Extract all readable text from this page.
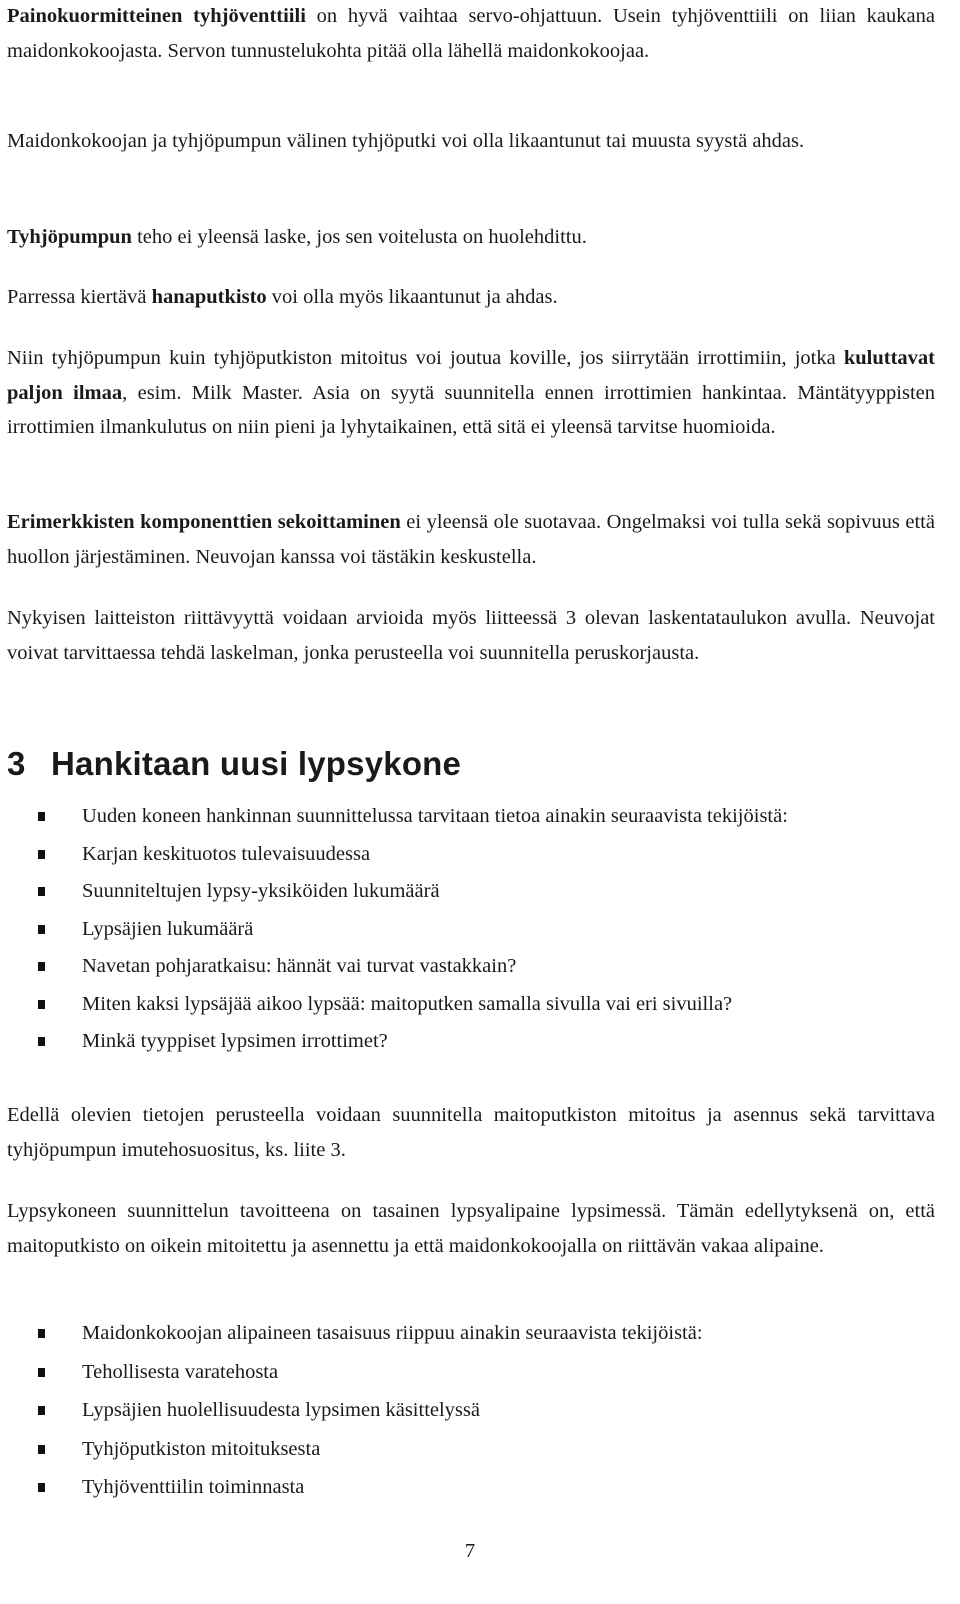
Painokuormitteinen tyhjöventtiili on hyvä vaihtaa servo-ohjattuun. Usein tyhjöventtiili on liian kaukana maidonkokoojasta. Servon tunnustelukohta pitää olla lähellä maidonkokoojaa.

Maidonkokoojan ja tyhjöpumpun välinen tyhjöputki voi olla likaantunut tai muusta syystä ahdas.

Tyhjöpumpun teho ei yleensä laske, jos sen voitelusta on huolehdittu.

Parressa kiertävä hanaputkisto voi olla myös likaantunut ja ahdas.

Niin tyhjöpumpun kuin tyhjöputkiston mitoitus voi joutua koville, jos siirrytään irrottimiin, jotka kuluttavat paljon ilmaa, esim. Milk Master. Asia on syytä suunnitella ennen irrottimien hankintaa. Mäntätyyppisten irrottimien ilmankulutus on niin pieni ja lyhytaikainen, että sitä ei yleensä tarvitse huomioida.

Erimerkkisten komponenttien sekoittaminen ei yleensä ole suotavaa. Ongelmaksi voi tulla sekä sopivuus että huollon järjestäminen. Neuvojan kanssa voi tästäkin keskustella.

Nykyisen laitteiston riittävyyttä voidaan arvioida myös liitteessä 3 olevan laskentataulukon avulla. Neuvojat voivat tarvittaessa tehdä laskelman, jonka perusteella voi suunnitella peruskorjausta.

3 Hankitaan uusi lypsykone
Uuden koneen hankinnan suunnittelussa tarvitaan tietoa ainakin seuraavista tekijöistä:
Karjan keskituotos tulevaisuudessa
Suunniteltujen lypsy-yksiköiden lukumäärä
Lypsäjien lukumäärä
Navetan pohjaratkaisu: hännät vai turvat vastakkain?
Miten kaksi lypsäjää aikoo lypsää: maitoputken samalla sivulla vai eri sivuilla?
Minkä tyyppiset lypsimen irrottimet?

Edellä olevien tietojen perusteella voidaan suunnitella maitoputkiston mitoitus ja asennus sekä tarvittava tyhjöpumpun imutehosuositus, ks. liite 3.

Lypsykoneen suunnittelun tavoitteena on tasainen lypsyalipaine lypsimessä. Tämän edellytyksenä on, että maitoputkisto on oikein mitoitettu ja asennettu ja että maidonkokoojalla on riittävän vakaa alipaine.

Maidonkokoojan alipaineen tasaisuus riippuu ainakin seuraavista tekijöistä:
Tehollisesta varatehosta
Lypsäjien huolellisuudesta lypsimen käsittelyssä
Tyhjöputkiston mitoituksesta
Tyhjöventtiilin toiminnasta
7
